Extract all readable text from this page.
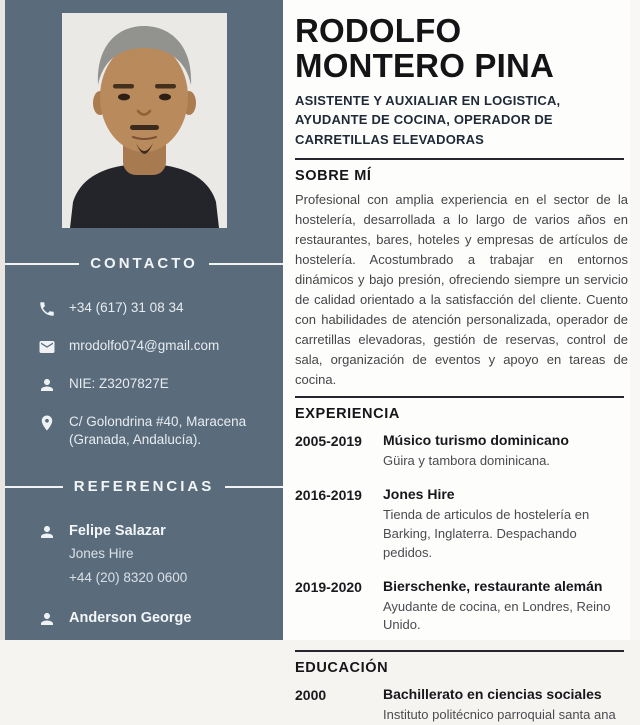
CONTACTO
+34 (617) 31 08 34
mrodolfo074@gmail.com
NIE: Z3207827E
C/ Golondrina #40, Maracena (Granada, Andalucía).
REFERENCIAS
Felipe Salazar
Jones Hire
+44 (20) 8320 0600
Anderson George
RODOLFO MONTERO PINA
ASISTENTE Y AUXIALIAR EN LOGISTICA, AYUDANTE DE COCINA, OPERADOR DE CARRETILLAS ELEVADORAS
SOBRE MÍ

Profesional con amplia experiencia en el sector de la hostelería, desarrollada a lo largo de varios años en restaurantes, bares, hoteles y empresas de artículos de hostelería. Acostumbrado a trabajar en entornos dinámicos y bajo presión, ofreciendo siempre un servicio de calidad orientado a la satisfacción del cliente. Cuento con habilidades de atención personalizada, operador de carretillas elevadoras, gestión de reservas, control de sala, organización de eventos y apoyo en tareas de cocina.

EXPERIENCIA
2005-2019	Músico turismo dominicano
Güira y tambora dominicana.
2016-2019	Jones Hire
Tienda de articulos de hostelería en Barking, Inglaterra. Despachando pedidos.
2019-2020	Bierschenke, restaurante alemán
Ayudante de cocina, en Londres, Reino Unido.
EDUCACIÓN
2000	Bachillerato en ciencias sociales
Instituto politécnico parroquial santa ana
